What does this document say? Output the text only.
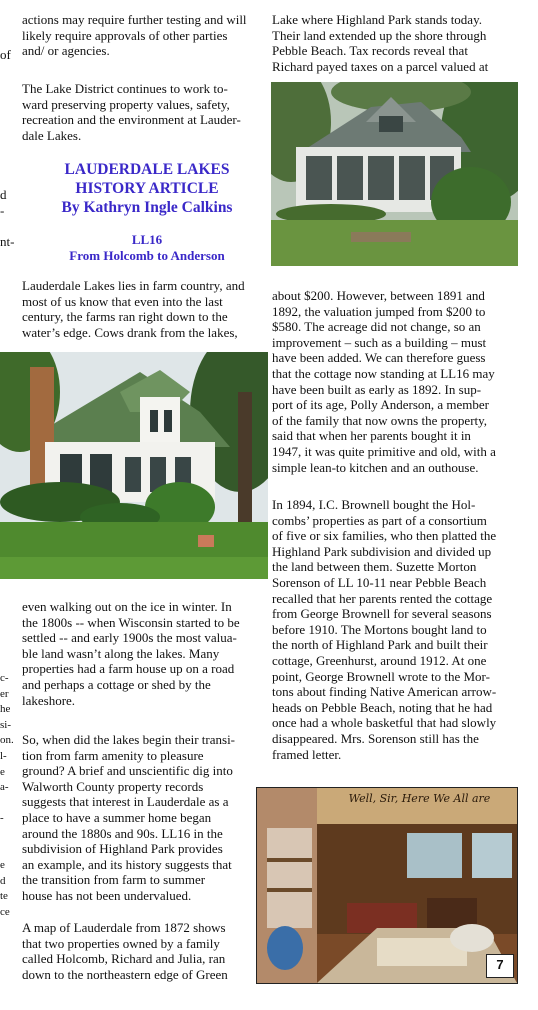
actions may require further testing and will
likely require approvals of other parties
and/ or agencies.

The Lake District continues to work to-
ward preserving property values, safety,
recreation and the environment at Lauder-
dale Lakes.

LAUDERDALE LAKES
HISTORY ARTICLE
By Kathryn Ingle Calkins
LL16
From Holcomb to Anderson

Lauderdale Lakes lies in farm country, and
most of us know that even into the last
century, the farms ran right down to the
water’s edge. Cows drank from the lakes,

of

d
-

nt-
c-
er
he
si-
on.
l-
e
a-

-

e
d
te
ce

even walking out on the ice in winter. In
the 1800s -- when Wisconsin started to be
settled -- and early 1900s the most valua-
ble land wasn’t along the lakes. Many
properties had a farm house up on a road
and perhaps a cottage or shed by the
lakeshore.

So, when did the lakes begin their transi-
tion from farm amenity to pleasure
ground? A brief and unscientific dig into
Walworth County property records
suggests that interest in Lauderdale as a
place to have a summer home began
around the 1880s and 90s. LL16 in the
subdivision of Highland Park provides
an example, and its history suggests that
the transition from farm to summer
house has not been undervalued.

A map of Lauderdale from 1872 shows
that two properties owned by a family
called Holcomb, Richard and Julia, ran
down to the northeastern edge of Green

Lake where Highland Park stands today.
Their land extended up the shore through
Pebble Beach. Tax records reveal that
Richard payed taxes on a parcel valued at

about $200. However, between 1891 and
1892, the valuation jumped from $200 to
$580. The acreage did not change, so an
improvement – such as a building – must
have been added. We can therefore guess
that the cottage now standing at LL16 may
have been built as early as 1892. In sup-
port of its age, Polly Anderson, a member
of the family that now owns the property,
said that when her parents bought it in
1947, it was quite primitive and old, with a
simple lean-to kitchen and an outhouse.

In 1894, I.C. Brownell bought the Hol-
combs’ properties as part of a consortium
of five or six families, who then platted the
Highland Park subdivision and divided up
the land between them. Suzette Morton
Sorenson of LL 10-11 near Pebble Beach
recalled that her parents rented the cottage
from George Brownell for several seasons
before 1910. The Mortons bought land to
the north of Highland Park and built their
cottage, Greenhurst, around 1912. At one
point, George Brownell wrote to the Mor-
tons about finding Native American arrow-
heads on Pebble Beach, noting that he had
once had a whole basketful that had slowly
disappeared. Mrs. Sorenson still has the
framed letter.

Well, Sir, Here We All are
7
